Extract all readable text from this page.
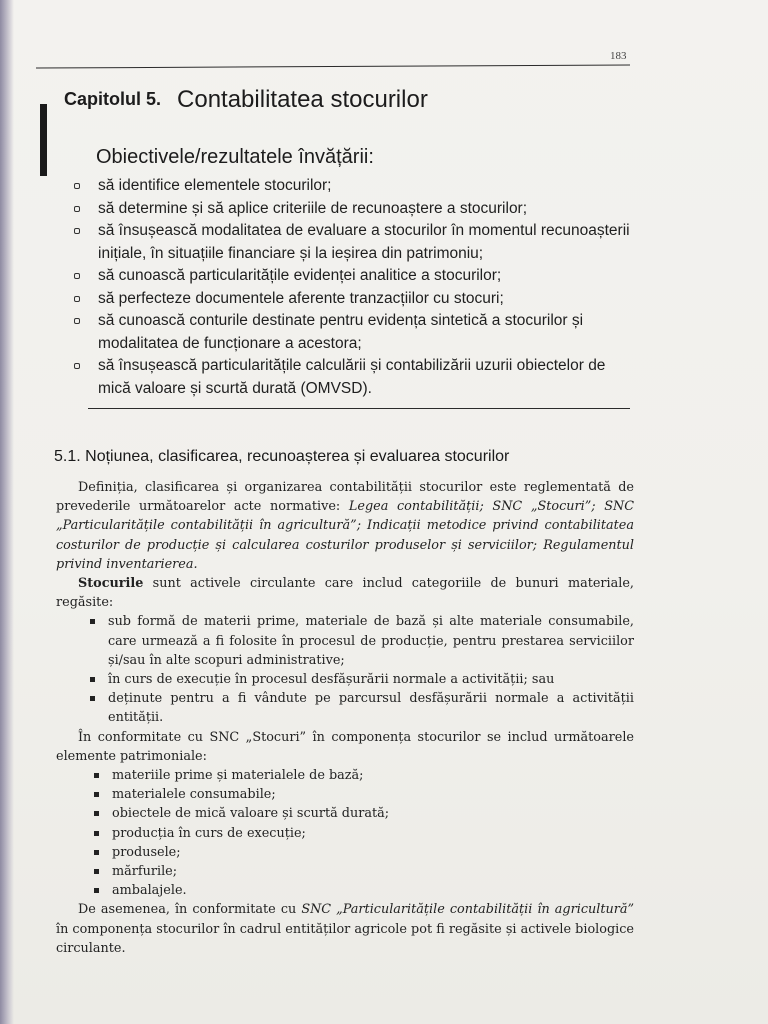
183
Capitolul 5. Contabilitatea stocurilor
Obiectivele/rezultatele învățării:
să identifice elementele stocurilor;
să determine și să aplice criteriile de recunoaștere a stocurilor;
să însușească modalitatea de evaluare a stocurilor în momentul recunoașterii inițiale, în situațiile financiare și la ieșirea din patrimoniu;
să cunoască particularitățile evidenței analitice a stocurilor;
să perfecteze documentele aferente tranzacțiilor cu stocuri;
să cunoască conturile destinate pentru evidența sintetică a stocurilor și modalitatea de funcționare a acestora;
să însușească particularitățile calculării și contabilizării uzurii obiectelor de mică valoare și scurtă durată (OMVSD).
5.1. Noțiunea, clasificarea, recunoașterea și evaluarea stocurilor

Definiția, clasificarea și organizarea contabilității stocurilor este reglementată de prevederile următoarelor acte normative: Legea contabilității; SNC „Stocuri”; SNC „Particularitățile contabilității în agricultură”; Indicații metodice privind contabilitatea costurilor de producție și calcularea costurilor produselor și serviciilor; Regulamentul privind inventarierea.

Stocurile sunt activele circulante care includ categoriile de bunuri materiale, regăsite:

sub formă de materii prime, materiale de bază și alte materiale consumabile, care urmează a fi folosite în procesul de producție, pentru prestarea serviciilor și/sau în alte scopuri administrative;
în curs de execuție în procesul desfășurării normale a activității; sau
deținute pentru a fi vândute pe parcursul desfășurării normale a activității entității.

În conformitate cu SNC „Stocuri” în componența stocurilor se includ următoarele elemente patrimoniale:

materiile prime și materialele de bază;
materialele consumabile;
obiectele de mică valoare și scurtă durată;
producția în curs de execuție;
produsele;
mărfurile;
ambalajele.

De asemenea, în conformitate cu SNC „Particularitățile contabilității în agricultură” în componența stocurilor în cadrul entităților agricole pot fi regăsite și activele biologice circulante.
